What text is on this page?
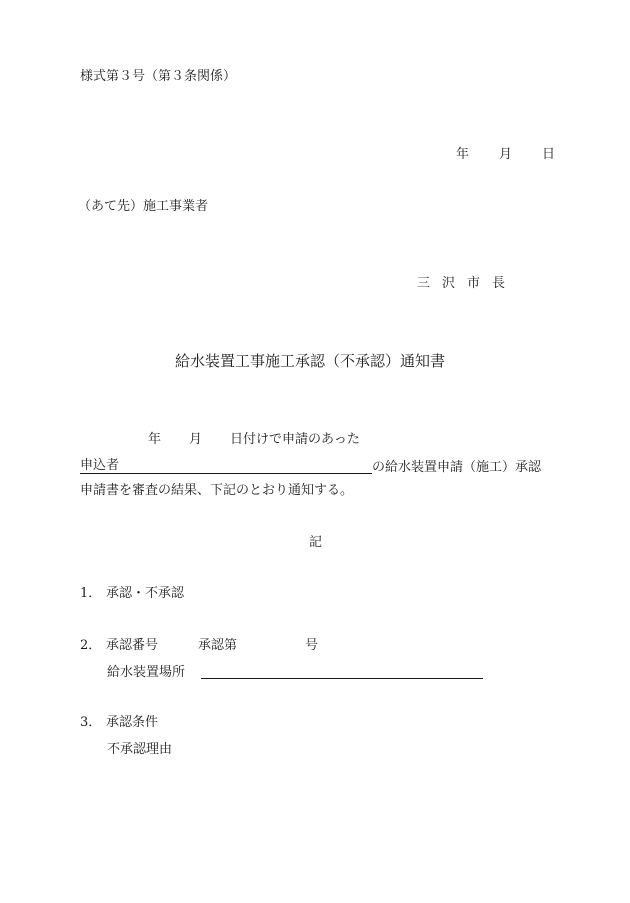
様式第３号（第３条関係）
年 月 日
（あて先）施工事業者
三 沢 市 長
給水装置工事施工承認（不承認）通知書
年 月 日付けで申請のあった
申込者	の給水装置申請（施工）承認
申請書を審査の結果、下記のとおり通知する。
記
1． 承認・不承認
2． 承認番号	承認第	号
給水装置場所
3． 承認条件
不承認理由
